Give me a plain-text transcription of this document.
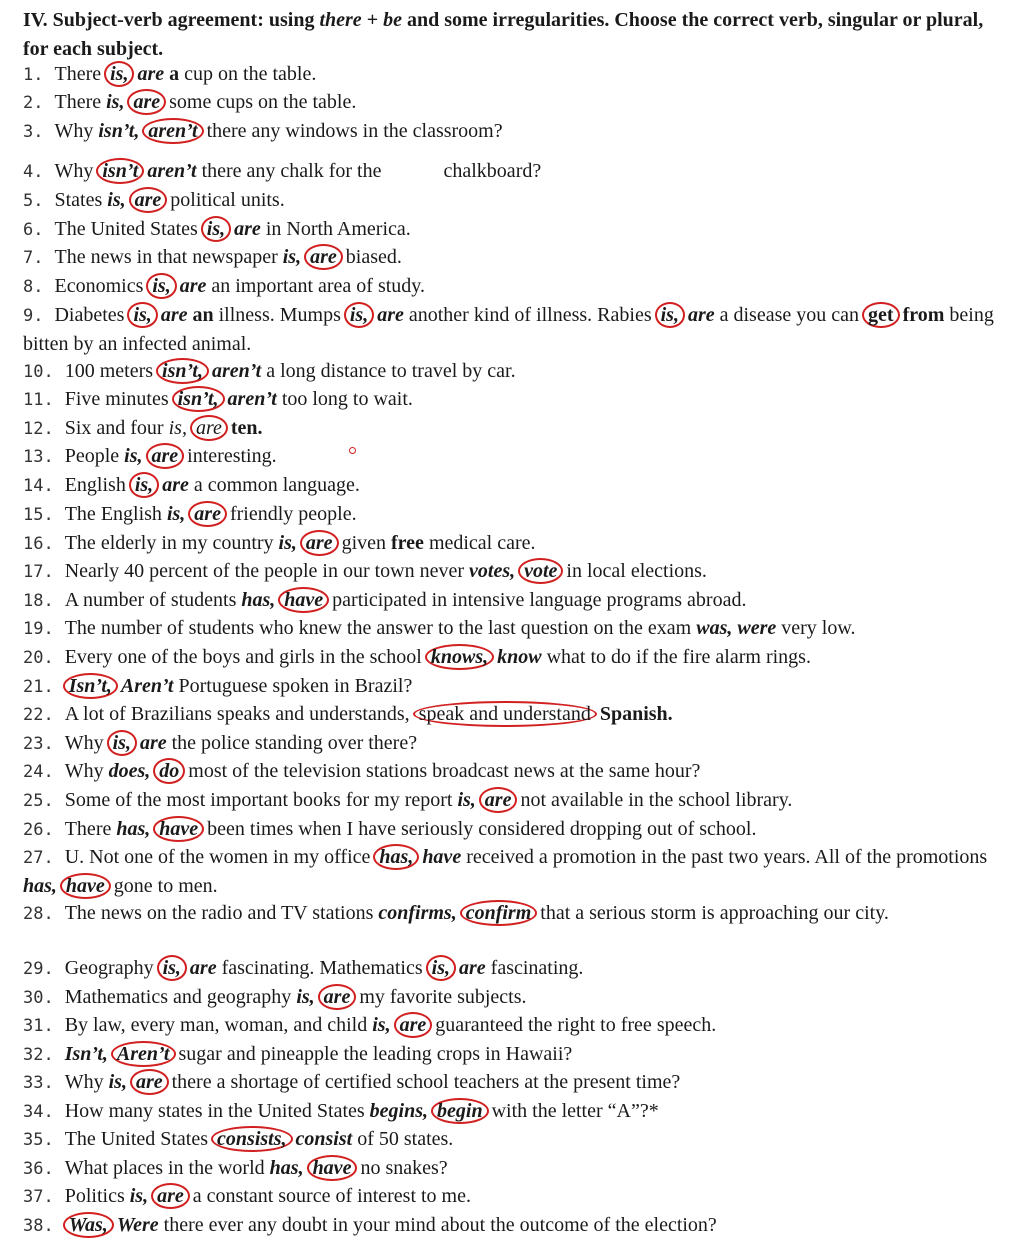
IV. Subject-verb agreement: using there + be and some irregularities. Choose the correct verb, singular or plural, for each subject.
1. There is, are a cup on the table.
2. There is, are some cups on the table.
3. Why isn’t, aren’t there any windows in the classroom?
4. Why isn’t aren’t there any chalk for the	chalkboard?
5. States is, are political units.
6. The United States is, are in North America.
7. The news in that newspaper is, are biased.
8. Economics is, are an important area of study.
9. Diabetes is, are an illness. Mumps is, are another kind of illness. Rabies is, are a disease you can get from being bitten by an infected animal.
10. 100 meters isn’t, aren’t a long distance to travel by car.
11. Five minutes isn’t, aren’t too long to wait.
12. Six and four is, are ten.
13. People is, are interesting.
14. English is, are a common language.
15. The English is, are friendly people.
16. The elderly in my country is, are given free medical care.
17. Nearly 40 percent of the people in our town never votes, vote in local elections.
18. A number of students has, have participated in intensive language programs abroad.
19. The number of students who knew the answer to the last question on the exam was, were very low.
20. Every one of the boys and girls in the school knows, know what to do if the fire alarm rings.
21. Isn’t, Aren’t Portuguese spoken in Brazil?
22. A lot of Brazilians speaks and understands, speak and understand Spanish.
23. Why is, are the police standing over there?
24. Why does, do most of the television stations broadcast news at the same hour?
25. Some of the most important books for my report is, are not available in the school library.
26. There has, have been times when I have seriously considered dropping out of school.
27. U. Not one of the women in my office has, have received a promotion in the past two years. All of the promotions has, have gone to men.
28. The news on the radio and TV stations confirms, confirm that a serious storm is approaching our city.
29. Geography is, are fascinating. Mathematics is, are fascinating.
30. Mathematics and geography is, are my favorite subjects.
31. By law, every man, woman, and child is, are guaranteed the right to free speech.
32. Isn’t, Aren’t sugar and pineapple the leading crops in Hawaii?
33. Why is, are there a shortage of certified school teachers at the present time?
34. How many states in the United States begins, begin with the letter “A”?*
35. The United States consists, consist of 50 states.
36. What places in the world has, have no snakes?
37. Politics is, are a constant source of interest to me.
38. Was, Were there ever any doubt in your mind about the outcome of the election?
